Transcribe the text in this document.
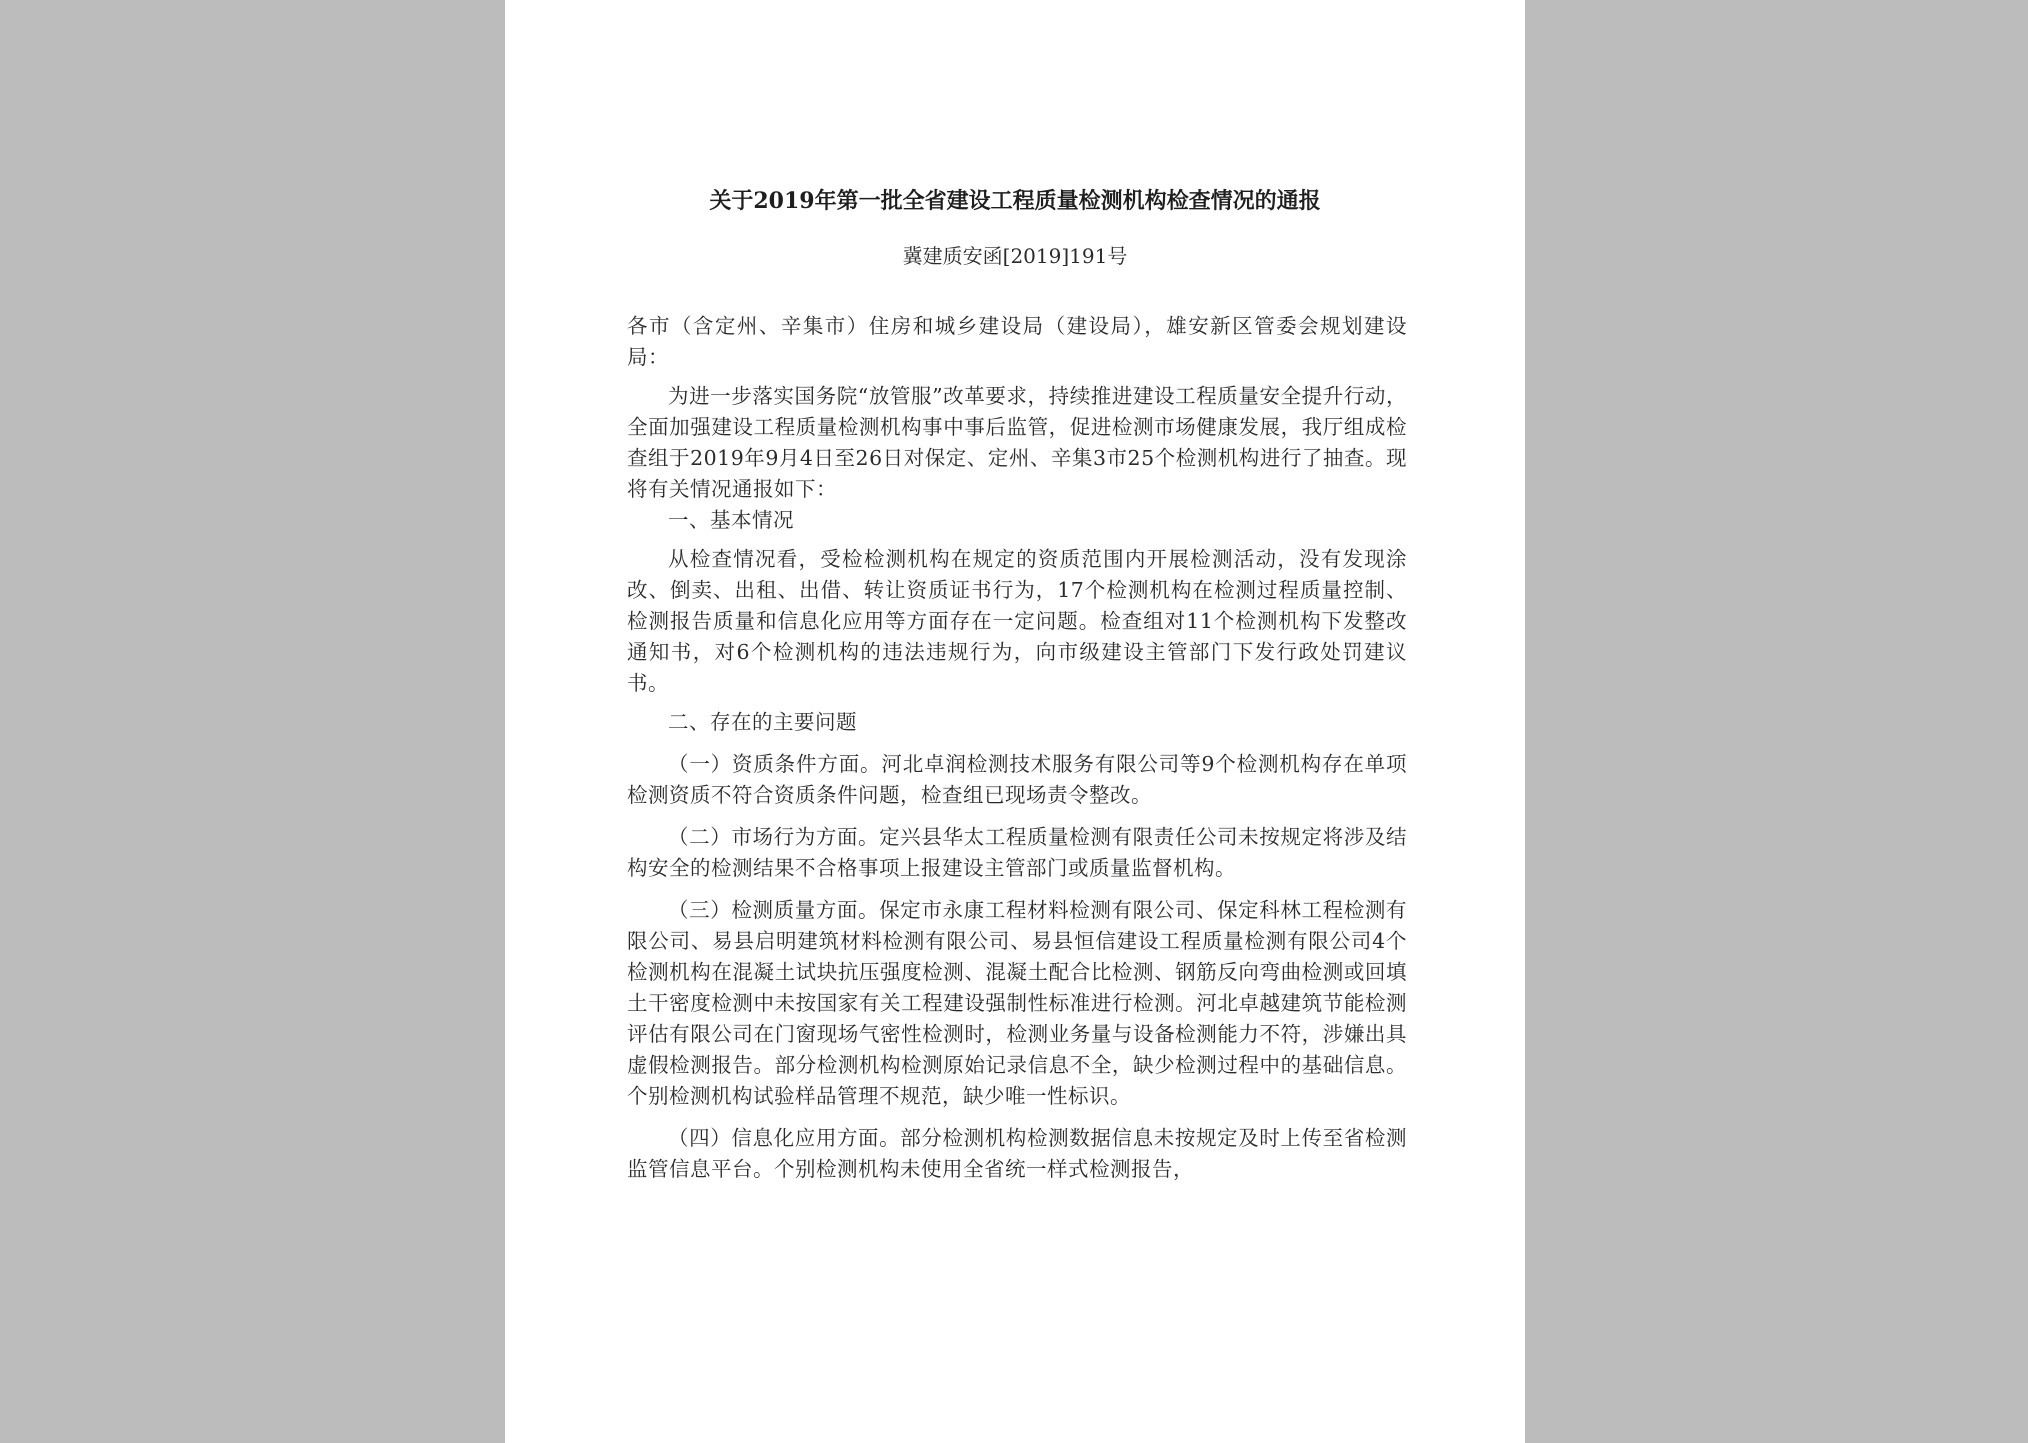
关于2019年第一批全省建设工程质量检测机构检查情况的通报
冀建质安函[2019]191号

各市（含定州、辛集市）住房和城乡建设局（建设局），雄安新区管委会规划建设局：

为进一步落实国务院“放管服”改革要求，持续推进建设工程质量安全提升行动，全面加强建设工程质量检测机构事中事后监管，促进检测市场健康发展，我厅组成检查组于2019年9月4日至26日对保定、定州、辛集3市25个检测机构进行了抽查。现将有关情况通报如下：

一、基本情况

从检查情况看，受检检测机构在规定的资质范围内开展检测活动，没有发现涂改、倒卖、出租、出借、转让资质证书行为，17个检测机构在检测过程质量控制、检测报告质量和信息化应用等方面存在一定问题。检查组对11个检测机构下发整改通知书，对6个检测机构的违法违规行为，向市级建设主管部门下发行政处罚建议书。

二、存在的主要问题

（一）资质条件方面。河北卓润检测技术服务有限公司等9个检测机构存在单项检测资质不符合资质条件问题，检查组已现场责令整改。

（二）市场行为方面。定兴县华太工程质量检测有限责任公司未按规定将涉及结构安全的检测结果不合格事项上报建设主管部门或质量监督机构。

（三）检测质量方面。保定市永康工程材料检测有限公司、保定科林工程检测有限公司、易县启明建筑材料检测有限公司、易县恒信建设工程质量检测有限公司4个检测机构在混凝土试块抗压强度检测、混凝土配合比检测、钢筋反向弯曲检测或回填土干密度检测中未按国家有关工程建设强制性标准进行检测。河北卓越建筑节能检测评估有限公司在门窗现场气密性检测时，检测业务量与设备检测能力不符，涉嫌出具虚假检测报告。部分检测机构检测原始记录信息不全，缺少检测过程中的基础信息。个别检测机构试验样品管理不规范，缺少唯一性标识。

（四）信息化应用方面。部分检测机构检测数据信息未按规定及时上传至省检测监管信息平台。个别检测机构未使用全省统一样式检测报告，
